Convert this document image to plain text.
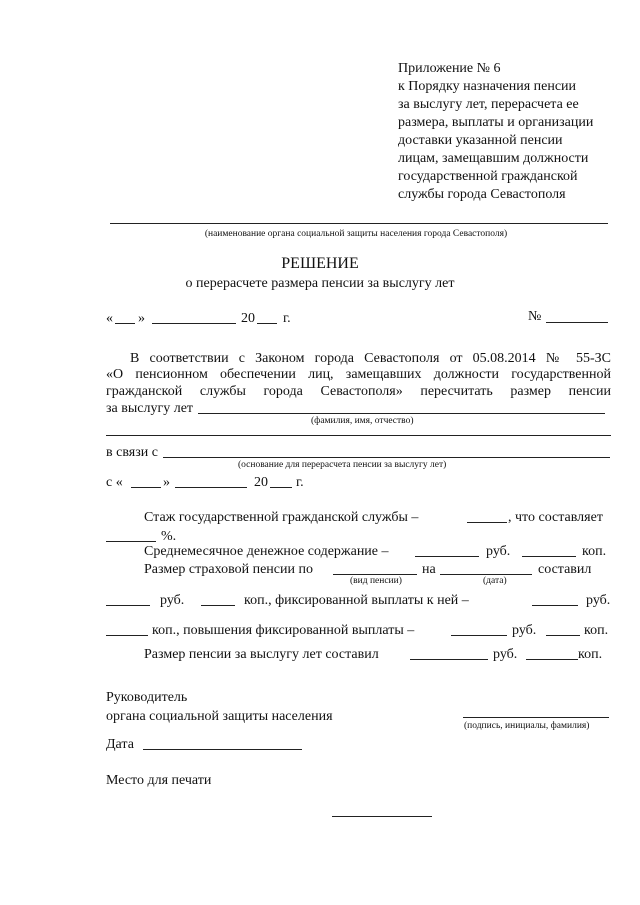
Приложение № 6
к Порядку назначения пенсии
за выслугу лет, перерасчета ее
размера, выплаты и организации
доставки указанной пенсии
лицам, замещавшим должности
государственной гражданской
службы города Севастополя
(наименование органа социальной защиты населения города Севастополя)
РЕШЕНИЕ
о перерасчете размера пенсии за выслугу лет
« »	20 г.	№
В соответствии с Законом города Севастополя от 05.08.2014 № 55-ЗС
«О пенсионном обеспечении лиц, замещавших должности государственной
гражданской службы города Севастополя» пересчитать размер пенсии
за выслугу лет
(фамилия, имя, отчество)
в связи с
(основание для перерасчета пенсии за выслугу лет)
с «	»	20 г.
Стаж государственной гражданской службы –	, что составляет
%.
Среднемесячное денежное содержание –	руб.	коп.
Размер страховой пенсии по	на	составил
(вид пенсии)	(дата)
руб.	коп., фиксированной выплаты к ней –	руб.
коп., повышения фиксированной выплаты –	руб.	коп.
Размер пенсии за выслугу лет составил	руб.	коп.
Руководитель
органа социальной защиты населения
(подпись, инициалы, фамилия)
Дата
Место для печати
